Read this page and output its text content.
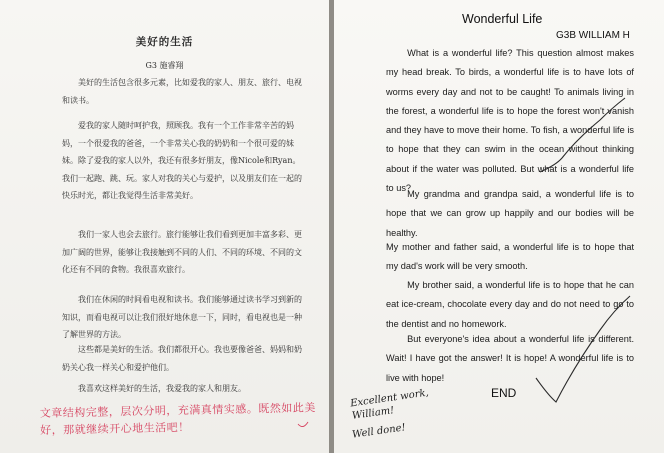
美好的生活
G3 施睿翔

美好的生活包含很多元素，比如爱我的家人、朋友、旅行、电视和读书。

爱我的家人随时呵护我，照顾我。我有一个工作非常辛苦的妈妈，一个很爱我的爸爸，一个非常关心我的奶奶和一个很可爱的妹妹。除了爱我的家人以外，我还有很多好朋友，像Nicole和Ryan。我们一起跑、跳、玩。家人对我的关心与爱护，以及朋友们在一起的快乐时光，都让我觉得生活非常美好。

我们一家人也会去旅行。旅行能够让我们看到更加丰富多彩、更加广阔的世界，能够让我接触到不同的人们、不同的环境、不同的文化还有不同的食物。我很喜欢旅行。

我们在休闲的时间看电视和读书。我们能够通过读书学习到新的知识，而看电视可以让我们很好地休息一下，同时，看电视也是一种了解世界的方法。

这些都是美好的生活。我们都很开心。我也要像爸爸、妈妈和奶奶关心我一样关心和爱护他们。

我喜欢这样美好的生活，我爱我的家人和朋友。

文章结构完整，层次分明，充满真情实感。既然如此美好，那就继续开心地生活吧！

Wonderful Life
G3B WILLIAM H

What is a wonderful life? This question almost makes my head break. To birds, a wonderful life is to have lots of worms every day and not to be caught! To animals living in the forest, a wonderful life is to hope the forest won't vanish and they have to move their home. To fish, a wonderful life is to hope that they can swim in the ocean without thinking about if the water was polluted. But what is a wonderful life to us?

My grandma and grandpa said, a wonderful life is to hope that we can grow up happily and our bodies will be healthy.

My mother and father said, a wonderful life is to hope that my dad's work will be very smooth.

My brother said, a wonderful life is to hope that he can eat ice-cream, chocolate every day and do not need to go to the dentist and no homework.

But everyone's idea about a wonderful life is different. Wait! I have got the answer! It is hope! A wonderful life is to live with hope!

END
Excellent work,
William!
Well done!
